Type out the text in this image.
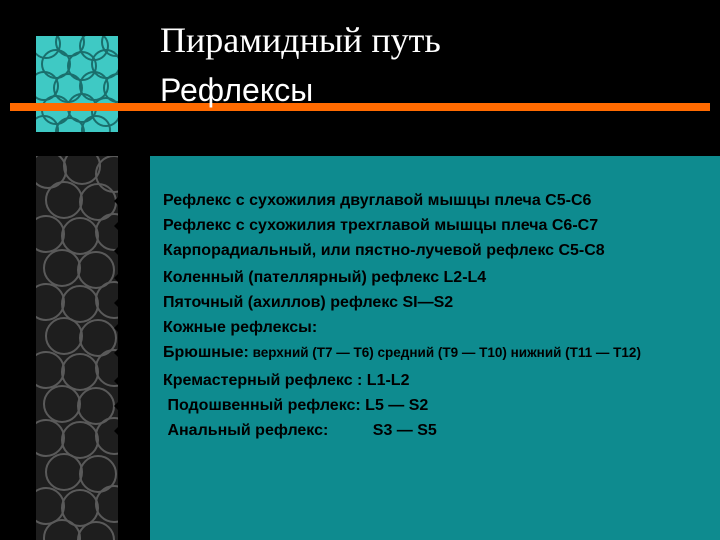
Пирамидный путь
Рефлексы
Рефлекс с сухожилия двуглавой мышцы плеча С5-С6
Рефлекс с сухожилия трехглавой мышцы плеча С6-С7
Карпорадиальный, или пястно-лучевой рефлекс С5-С8
Коленный (пателлярный) рефлекс L2-L4
Пяточный (ахиллов) рефлекс SI—S2
Кожные рефлексы:
Брюшные: верхний (Т7 — Т6) средний (Т9 — Т10) нижний (Т11 — Т12)
Кремастерный рефлекс : L1-L2
Подошвенный рефлекс: L5 — S2
Анальный рефлекс:          S3 — S5
